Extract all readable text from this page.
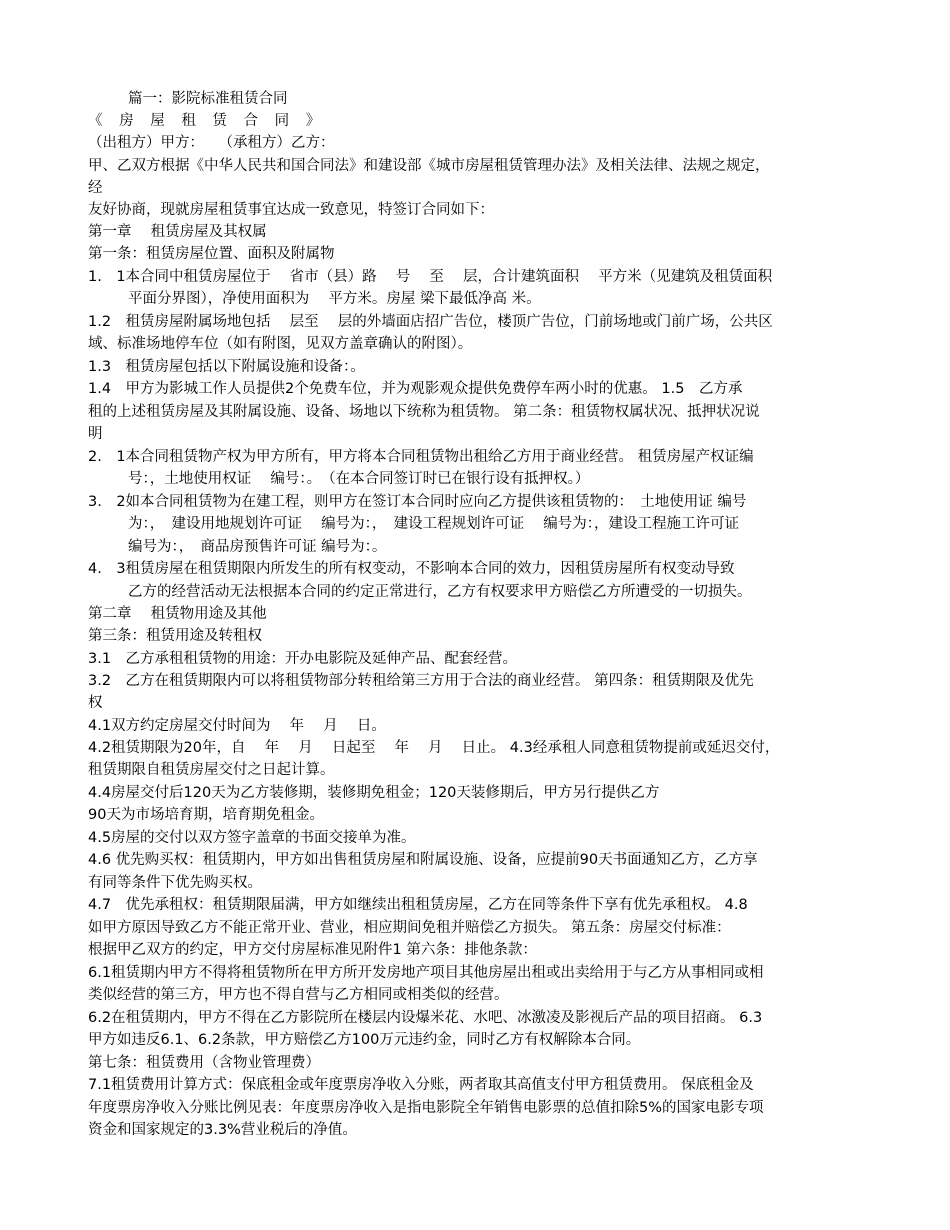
篇一：影院标准租赁合同
《 房 屋 租 赁 合 同 》
（出租方）甲方：　　（承租方）乙方：
甲、乙双方根据《中华人民共和国合同法》和建设部《城市房屋租赁管理办法》及相关法律、法规之规定，
经
友好协商，现就房屋租赁事宜达成一致意见，特签订合同如下：
第一章　 租赁房屋及其权属
第一条：租赁房屋位置、面积及附属物
1.　1本合同中租赁房屋位于　 省市（县）路　 号　 至　 层，合计建筑面积　 平方米（见建筑及租赁面积
平面分界图），净使用面积为　 平方米。房屋 梁下最低净高 米。
1.2　租赁房屋附属场地包括　 层至　 层的外墙面店招广告位，楼顶广告位，门前场地或门前广场，公共区
域、标准场地停车位（如有附图，见双方盖章确认的附图）。
1.3　租赁房屋包括以下附属设施和设备：。
1.4　甲方为影城工作人员提供2个免费车位，并为观影观众提供免费停车两小时的优惠。 1.5　乙方承
租的上述租赁房屋及其附属设施、设备、场地以下统称为租赁物。 第二条：租赁物权属状况、抵押状况说
明
2.　1本合同租赁物产权为甲方所有，甲方将本合同租赁物出租给乙方用于商业经营。 租赁房屋产权证编
号：，土地使用权证　 编号：。　（在本合同签订时已在银行设有抵押权。）
3.　2如本合同租赁物为在建工程，则甲方在签订本合同时应向乙方提供该租赁物的：　土地使用证 编号
为：，　建设用地规划许可证　 编号为：，　建设工程规划许可证　 编号为：，建设工程施工许可证
编号为：，　商品房预售许可证 编号为：。
4.　3租赁房屋在租赁期限内所发生的所有权变动，不影响本合同的效力，因租赁房屋所有权变动导致
乙方的经营活动无法根据本合同的约定正常进行，乙方有权要求甲方赔偿乙方所遭受的一切损失。
第二章　 租赁物用途及其他
第三条：租赁用途及转租权
3.1　乙方承租租赁物的用途：开办电影院及延伸产品、配套经营。
3.2　乙方在租赁期限内可以将租赁物部分转租给第三方用于合法的商业经营。 第四条：租赁期限及优先
权
4.1双方约定房屋交付时间为　 年　 月　 日。
4.2租赁期限为20年，自　 年　 月　 日起至　 年　 月　 日止。 4.3经承租人同意租赁物提前或延迟交付，
租赁期限自租赁房屋交付之日起计算。
4.4房屋交付后120天为乙方装修期，装修期免租金；120天装修期后，甲方另行提供乙方
90天为市场培育期，培育期免租金。
4.5房屋的交付以双方签字盖章的书面交接单为准。
4.6 优先购买权：租赁期内，甲方如出售租赁房屋和附属设施、设备，应提前90天书面通知乙方，乙方享
有同等条件下优先购买权。
4.7　优先承租权：租赁期限届满，甲方如继续出租租赁房屋，乙方在同等条件下享有优先承租权。 4.8
如甲方原因导致乙方不能正常开业、营业，相应期间免租并赔偿乙方损失。 第五条：房屋交付标准：
根据甲乙双方的约定，甲方交付房屋标准见附件1 第六条：排他条款：
6.1租赁期内甲方不得将租赁物所在甲方所开发房地产项目其他房屋出租或出卖给用于与乙方从事相同或相
类似经营的第三方，甲方也不得自营与乙方相同或相类似的经营。
6.2在租赁期内，甲方不得在乙方影院所在楼层内设爆米花、水吧、冰激凌及影视后产品的项目招商。 6.3
甲方如违反6.1、6.2条款，甲方赔偿乙方100万元违约金，同时乙方有权解除本合同。
第七条：租赁费用（含物业管理费）
7.1租赁费用计算方式：保底租金或年度票房净收入分账，两者取其高值支付甲方租赁费用。 保底租金及
年度票房净收入分账比例见表：年度票房净收入是指电影院全年销售电影票的总值扣除5%的国家电影专项
资金和国家规定的3.3%营业税后的净值。
